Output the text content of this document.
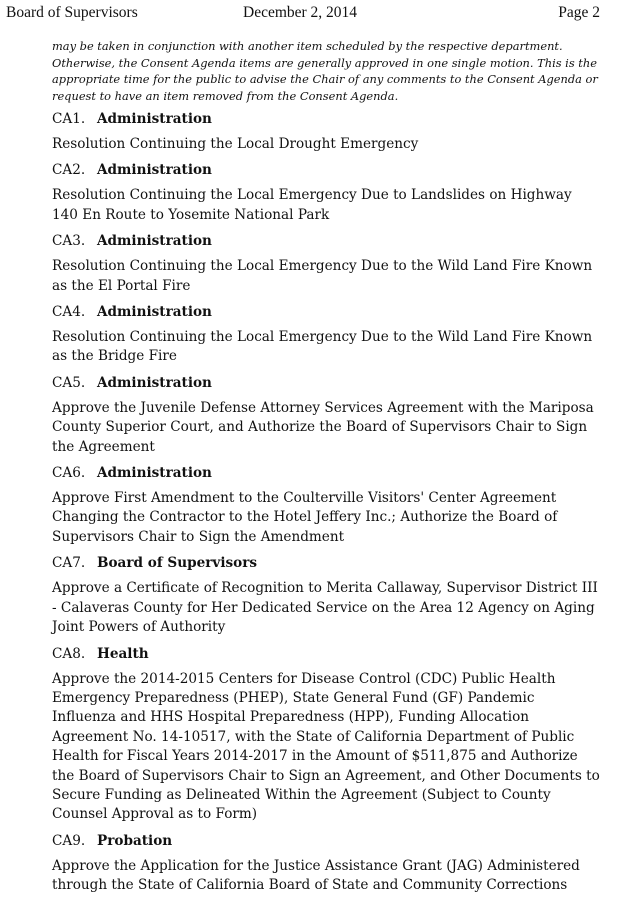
Board of Supervisors	December 2, 2014	Page 2

may be taken in conjunction with another item scheduled by the respective department. Otherwise, the Consent Agenda items are generally approved in one single motion. This is the appropriate time for the public to advise the Chair of any comments to the Consent Agenda or request to have an item removed from the Consent Agenda.

CA1. Administration
Resolution Continuing the Local Drought Emergency
CA2. Administration
Resolution Continuing the Local Emergency Due to Landslides on Highway 140 En Route to Yosemite National Park
CA3. Administration
Resolution Continuing the Local Emergency Due to the Wild Land Fire Known as the El Portal Fire
CA4. Administration
Resolution Continuing the Local Emergency Due to the Wild Land Fire Known as the Bridge Fire
CA5. Administration
Approve the Juvenile Defense Attorney Services Agreement with the Mariposa County Superior Court, and Authorize the Board of Supervisors Chair to Sign the Agreement
CA6. Administration
Approve First Amendment to the Coulterville Visitors' Center Agreement Changing the Contractor to the Hotel Jeffery Inc.; Authorize the Board of Supervisors Chair to Sign the Amendment
CA7. Board of Supervisors
Approve a Certificate of Recognition to Merita Callaway, Supervisor District III - Calaveras County for Her Dedicated Service on the Area 12 Agency on Aging Joint Powers of Authority
CA8. Health
Approve the 2014-2015 Centers for Disease Control (CDC) Public Health Emergency Preparedness (PHEP), State General Fund (GF) Pandemic Influenza and HHS Hospital Preparedness (HPP), Funding Allocation Agreement No. 14-10517, with the State of California Department of Public Health for Fiscal Years 2014-2017 in the Amount of $511,875 and Authorize the Board of Supervisors Chair to Sign an Agreement, and Other Documents to Secure Funding as Delineated Within the Agreement (Subject to County Counsel Approval as to Form)
CA9. Probation
Approve the Application for the Justice Assistance Grant (JAG) Administered through the State of California Board of State and Community Corrections
